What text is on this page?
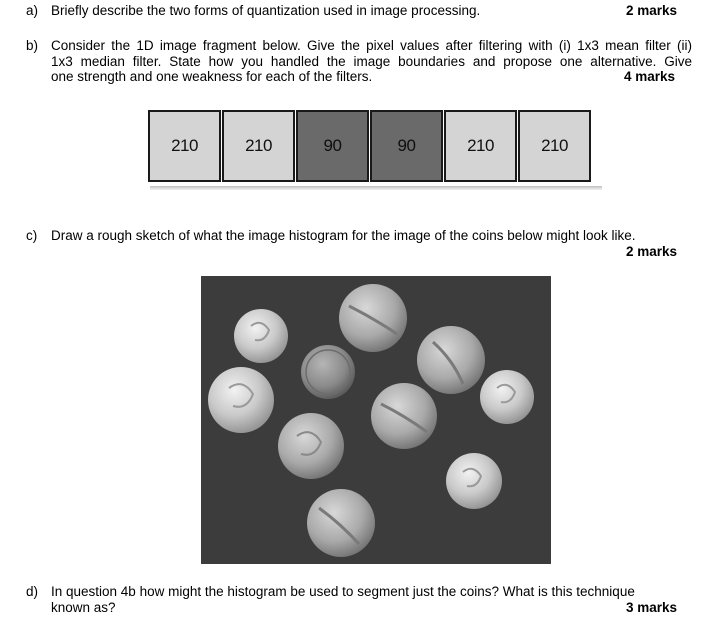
a) Briefly describe the two forms of quantization used in image processing.	2 marks
b) Consider the 1D image fragment below. Give the pixel values after filtering with (i) 1x3 mean filter (ii)
1x3 median filter. State how you handled the image boundaries and propose one alternative. Give
one strength and one weakness for each of the filters.	4 marks
210	210	90	90	210	210
c) Draw a rough sketch of what the image histogram for the image of the coins below might look like.
2 marks
d) In question 4b how might the histogram be used to segment just the coins? What is this technique
known as?	3 marks
